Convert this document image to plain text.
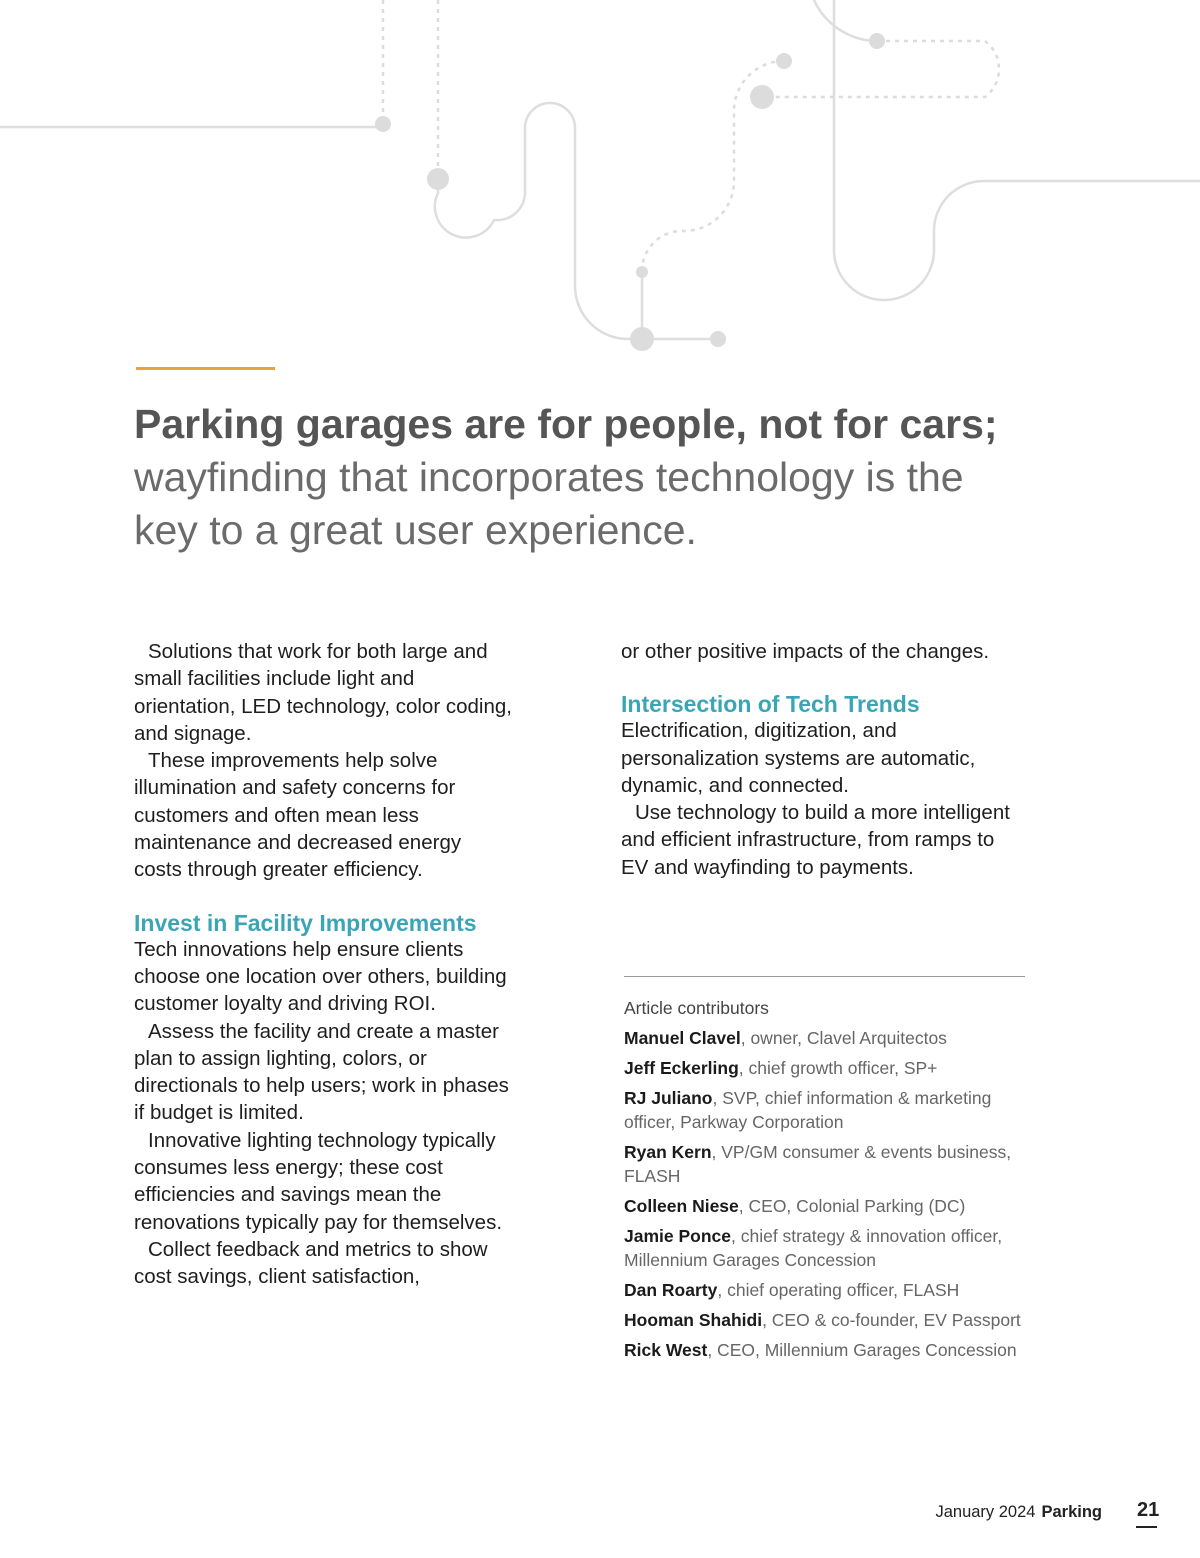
Parking garages are for people, not for cars; wayfinding that incorporates technology is the key to a great user experience.

Solutions that work for both large and small facilities include light and orientation, LED technology, color coding, and signage.

These improvements help solve illumination and safety concerns for customers and often mean less maintenance and decreased energy costs through greater efficiency.

Invest in Facility Improvements

Tech innovations help ensure clients choose one location over others, building customer loyalty and driving ROI.

Assess the facility and create a master plan to assign lighting, colors, or directionals to help users; work in phases if budget is limited.

Innovative lighting technology typically consumes less energy; these cost efficiencies and savings mean the renovations typically pay for themselves.

Collect feedback and metrics to show cost savings, client satisfaction,

or other positive impacts of the changes.

Intersection of Tech Trends

Electrification, digitization, and personalization systems are automatic, dynamic, and connected.

Use technology to build a more intelligent and efficient infrastructure, from ramps to EV and wayfinding to payments.

Article contributors

Manuel Clavel, owner, Clavel Arquitectos

Jeff Eckerling, chief growth officer, SP+

RJ Juliano, SVP, chief information & marketing officer, Parkway Corporation

Ryan Kern, VP/GM consumer & events business, FLASH

Colleen Niese, CEO, Colonial Parking (DC)

Jamie Ponce, chief strategy & innovation officer, Millennium Garages Concession

Dan Roarty, chief operating officer, FLASH

Hooman Shahidi, CEO & co-founder, EV Passport

Rick West, CEO, Millennium Garages Concession

January 2024 Parking 21
